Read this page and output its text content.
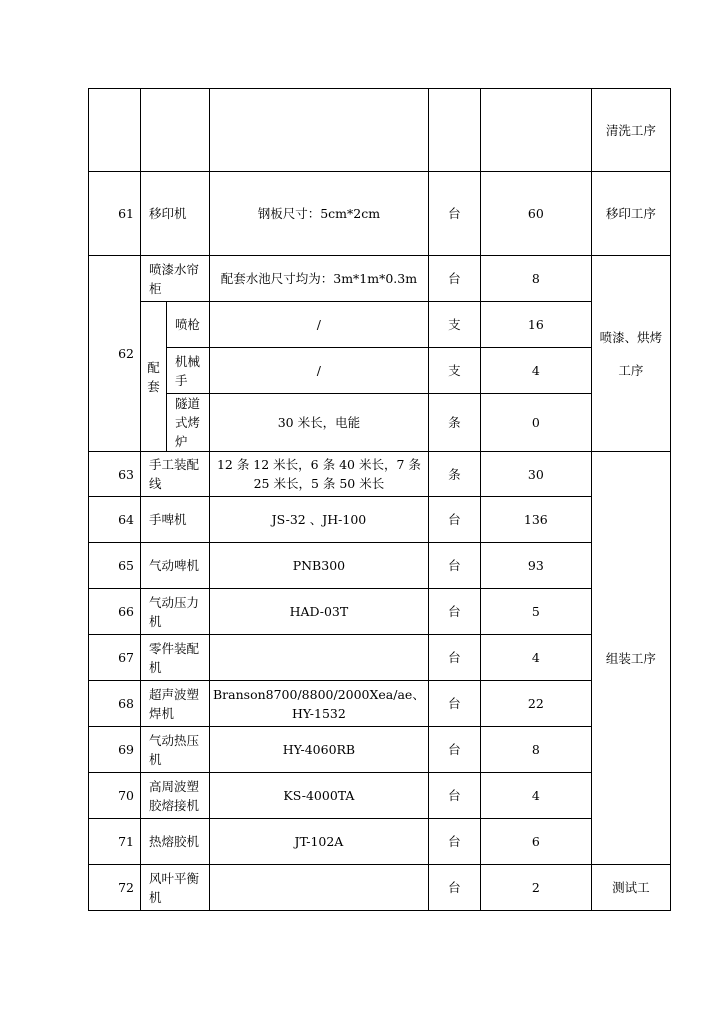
						清洗工序
61	移印机		钢板尺寸：5cm*2cm	台	60	移印工序
62	喷漆水帘柜		配套水池尺寸均为：3m*1m*0.3m	台	8	喷漆、烘烤工序
	配套	喷枪	/	支	16	
		机械手	/	支	4	
		隧道式烤炉	30 米长，电能	条	0	
63	手工装配线		12 条 12 米长，6 条 40 米长，7 条 25 米长，5 条 50 米长	条	30	组装工序
64	手啤机		JS-32 、JH-100	台	136	
65	气动啤机		PNB300	台	93	
66	气动压力机		HAD-03T	台	5	
67	零件装配机			台	4	
68	超声波塑焊机		Branson8700/8800/2000Xea/ae、HY-1532	台	22	
69	气动热压机		HY-4060RB	台	8	
70	高周波塑胶熔接机		KS-4000TA	台	4	
71	热熔胶机		JT-102A	台	6	
72	风叶平衡机			台	2	测试工
